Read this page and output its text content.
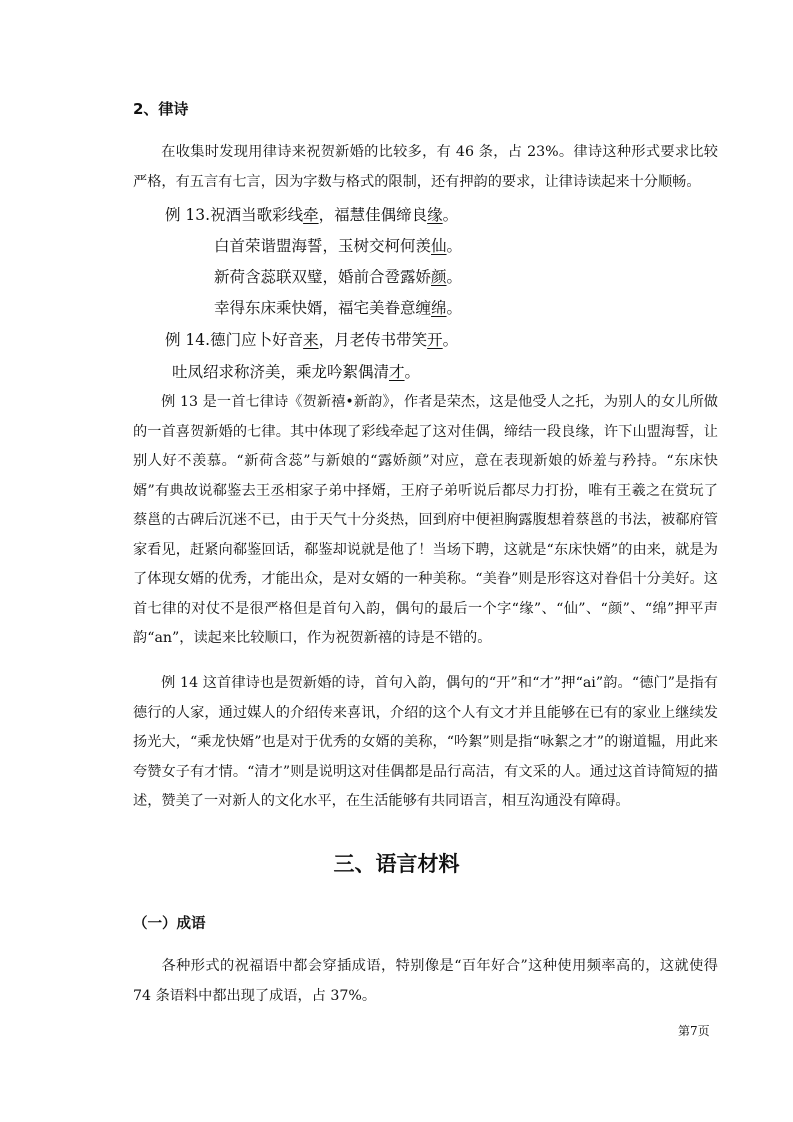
2、律诗
在收集时发现用律诗来祝贺新婚的比较多，有 46 条，占 23%。律诗这种形式要求比较严格，有五言有七言，因为字数与格式的限制，还有押韵的要求，让律诗读起来十分顺畅。
例 13.祝酒当歌彩线牵，福慧佳偶缔良缘。
白首荣谐盟海誓，玉树交柯何羡仙。
新荷含蕊联双璧，婚前合卺露娇颜。
幸得东床乘快婿，福宅美眷意缠绵。
例 14.德门应卜好音来，月老传书带笑开。
吐凤绍求称济美，乘龙吟絮偶清才。
例 13 是一首七律诗《贺新禧•新韵》，作者是荣杰，这是他受人之托，为别人的女儿所做的一首喜贺新婚的七律。其中体现了彩线牵起了这对佳偶，缔结一段良缘，许下山盟海誓，让别人好不羡慕。“新荷含蕊”与新娘的“露娇颜”对应，意在表现新娘的娇羞与矜持。“东床快婿”有典故说郗鉴去王丞相家子弟中择婿，王府子弟听说后都尽力打扮，唯有王羲之在赏玩了蔡邕的古碑后沉迷不已，由于天气十分炎热，回到府中便袒胸露腹想着蔡邕的书法，被郗府管家看见，赶紧向郗鉴回话，郗鉴却说就是他了！当场下聘，这就是“东床快婿”的由来，就是为了体现女婿的优秀，才能出众，是对女婿的一种美称。“美眷”则是形容这对眷侣十分美好。这首七律的对仗不是很严格但是首句入韵，偶句的最后一个字“缘”、“仙”、“颜”、“绵”押平声韵“an”，读起来比较顺口，作为祝贺新禧的诗是不错的。
例 14 这首律诗也是贺新婚的诗，首句入韵，偶句的“开”和“才”押“ai”韵。“德门”是指有德行的人家，通过媒人的介绍传来喜讯，介绍的这个人有文才并且能够在已有的家业上继续发扬光大，“乘龙快婿”也是对于优秀的女婿的美称，“吟絮”则是指“咏絮之才”的谢道韫，用此来夸赞女子有才情。“清才”则是说明这对佳偶都是品行高洁，有文采的人。通过这首诗简短的描述，赞美了一对新人的文化水平，在生活能够有共同语言，相互沟通没有障碍。
三、语言材料
（一）成语
各种形式的祝福语中都会穿插成语，特别像是“百年好合”这种使用频率高的，这就使得 74 条语料中都出现了成语，占 37%。
第7页
